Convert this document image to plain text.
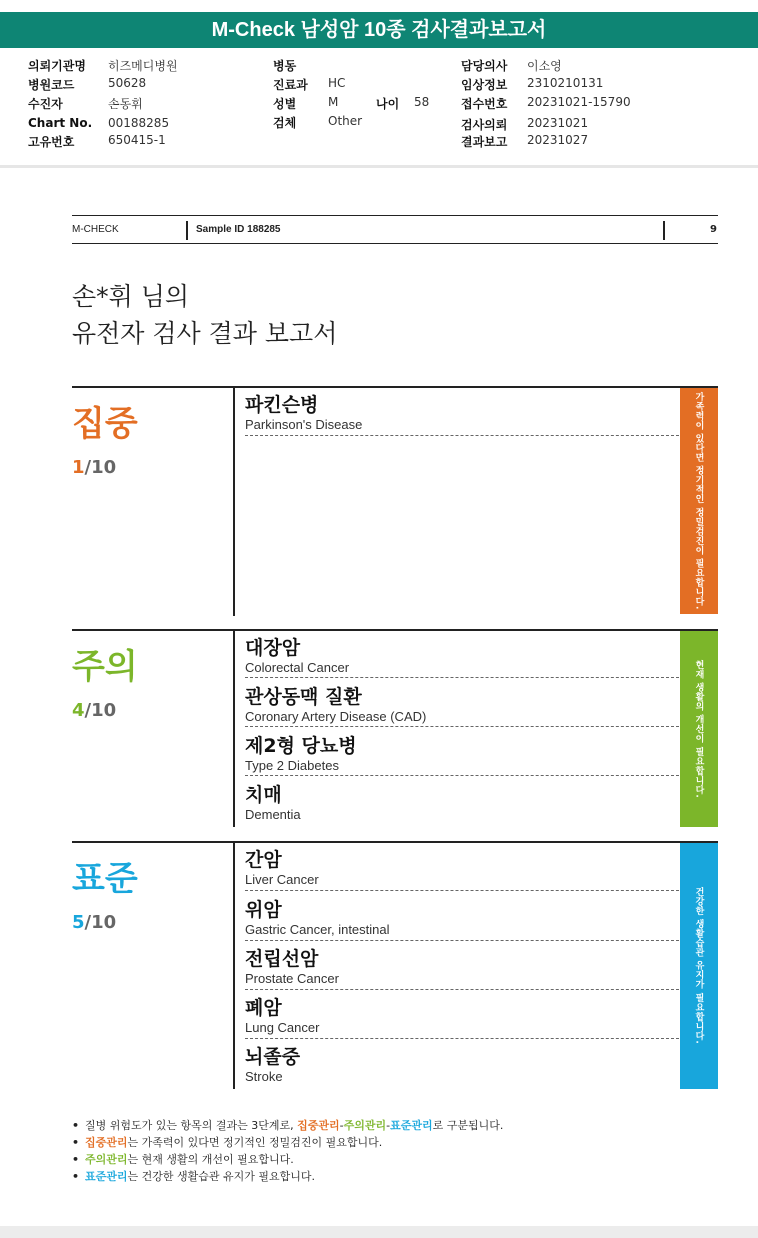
M-Check 남성암 10종 검사결과보고서
의뢰기관명 히즈메디병원
병원코드	50628
수진자	손동휘
Chart No. 00188285
고유번호	650415-1
병동
진료과 HC
성별	M	나이 58
검체	Other
담당의사 이소영
임상정보 2310210131
접수번호 20231021-15790
검사의뢰 20231021
결과보고 20231027
M-CHECK	Sample ID 188285	9
손*휘 님의
유전자 검사 결과 보고서
집중
1/10
파킨슨병
Parkinson's Disease	가족력이 있다면 정기적인 정밀검진이 필요합니다.
주의
4/10
대장암
Colorectal Cancer
관상동맥 질환
Coronary Artery Disease (CAD)
제2형 당뇨병
Type 2 Diabetes
치매
Dementia
현재 생활의 개선이 필요합니다.
표준
5/10
간암
Liver Cancer
위암
Gastric Cancer, intestinal
전립선암
Prostate Cancer
폐암
Lung Cancer
뇌졸중
Stroke
건강한 생활습관 유지가 필요합니다.
• 질병 위험도가 있는 항목의 결과는 3단계로, 집중관리-주의관리-표준관리로 구분됩니다.
• 집중관리는 가족력이 있다면 정기적인 정밀검진이 필요합니다.
• 주의관리는 현재 생활의 개선이 필요합니다.
• 표준관리는 건강한 생활습관 유지가 필요합니다.
